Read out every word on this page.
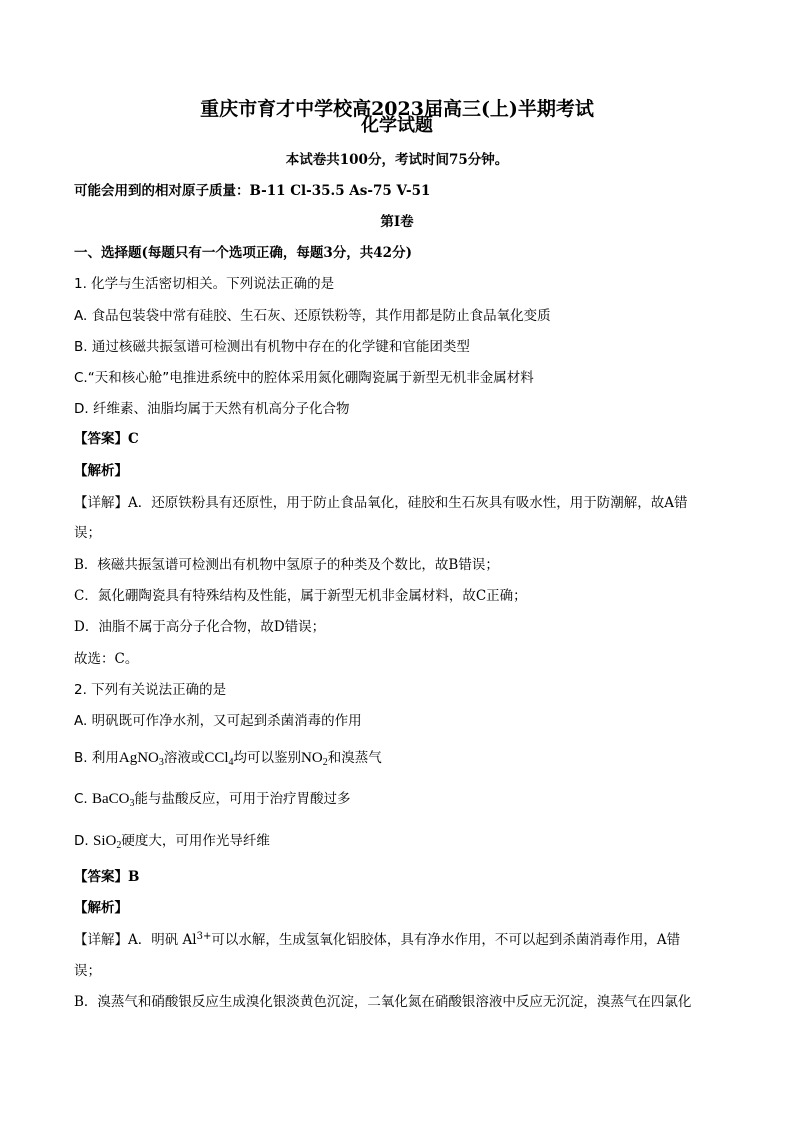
重庆市育才中学校高2023届高三(上)半期考试
化学试题
本试卷共100分，考试时间75分钟。
可能会用到的相对原子质量：B-11 Cl-35.5 As-75 V-51
第Ⅰ卷
一、选择题(每题只有一个选项正确，每题3分，共42分)
1. 化学与生活密切相关。下列说法正确的是
A. 食品包装袋中常有硅胶、生石灰、还原铁粉等，其作用都是防止食品氧化变质
B. 通过核磁共振氢谱可检测出有机物中存在的化学键和官能团类型
C.“天和核心舱”电推进系统中的腔体采用氮化硼陶瓷属于新型无机非金属材料
D. 纤维素、油脂均属于天然有机高分子化合物
【答案】C
【解析】
【详解】A．还原铁粉具有还原性，用于防止食品氧化，硅胶和生石灰具有吸水性，用于防潮解，故A错
误；
B．核磁共振氢谱可检测出有机物中氢原子的种类及个数比，故B错误；
C．氮化硼陶瓷具有特殊结构及性能，属于新型无机非金属材料，故C正确；
D．油脂不属于高分子化合物，故D错误；
故选：C。
2. 下列有关说法正确的是
A. 明矾既可作净水剂，又可起到杀菌消毒的作用
B. 利用AgNO$_3$溶液或CCl$_4$均可以鉴别$NO_2$和溴蒸气
C. BaCO$_3$能与盐酸反应，可用于治疗胃酸过多
D. SiO$_2$硬度大，可用作光导纤维
【答案】B
【解析】
【详解】A．明矾 $Al^{3+}$可以水解，生成氢氧化铝胶体，具有净水作用，不可以起到杀菌消毒作用，A错
误；
B．溴蒸气和硝酸银反应生成溴化银淡黄色沉淀，二氧化氮在硝酸银溶液中反应无沉淀，溴蒸气在四氯化
